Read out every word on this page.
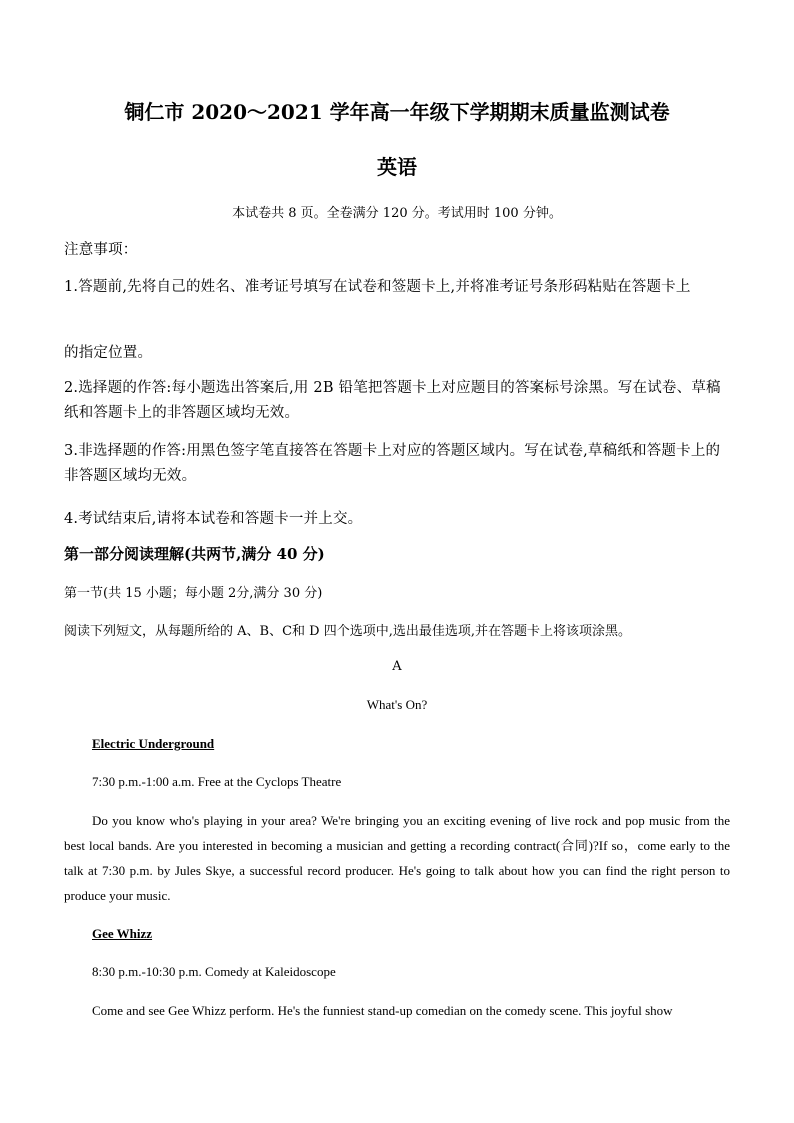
铜仁市 2020～2021 学年高一年级下学期期末质量监测试卷
英语
本试卷共 8 页。全卷满分 120 分。考试用时 100 分钟。
注意事项：
1.答题前,先将自己的姓名、准考证号填写在试卷和签题卡上,并将准考证号条形码粘贴在答题卡上
的指定位置。
2.选择题的作答:每小题选出答案后,用 2B 铅笔把答题卡上对应题目的答案标号涂黑。写在试卷、草稿纸和答题卡上的非答题区域均无效。
3.非选择题的作答:用黑色签字笔直接答在答题卡上对应的答题区域内。写在试卷,草稿纸和答题卡上的非答题区域均无效。
4.考试结束后,请将本试卷和答题卡一并上交。
第一部分阅读理解(共两节,满分 40 分)
第一节(共 15 小题；每小题 2分,满分 30 分)
阅读下列短文，从每题所给的 A、B、C和 D 四个选项中,选出最佳选项,并在答题卡上将该项涂黑。
A
What's On?
Electric Underground
7:30 p.m.-1:00 a.m. Free at the Cyclops Theatre
Do you know who's playing in your area? We're bringing you an exciting evening of live rock and pop music from the best local bands. Are you interested in becoming a musician and getting a recording contract(合同)?If so，come early to the talk at 7:30 p.m. by Jules Skye, a successful record producer. He's going to talk about how you can find the right person to produce your music.
Gee Whizz
8:30 p.m.-10:30 p.m. Comedy at Kaleidoscope
Come and see Gee Whizz perform. He's the funniest stand-up comedian on the comedy scene. This joyful show
